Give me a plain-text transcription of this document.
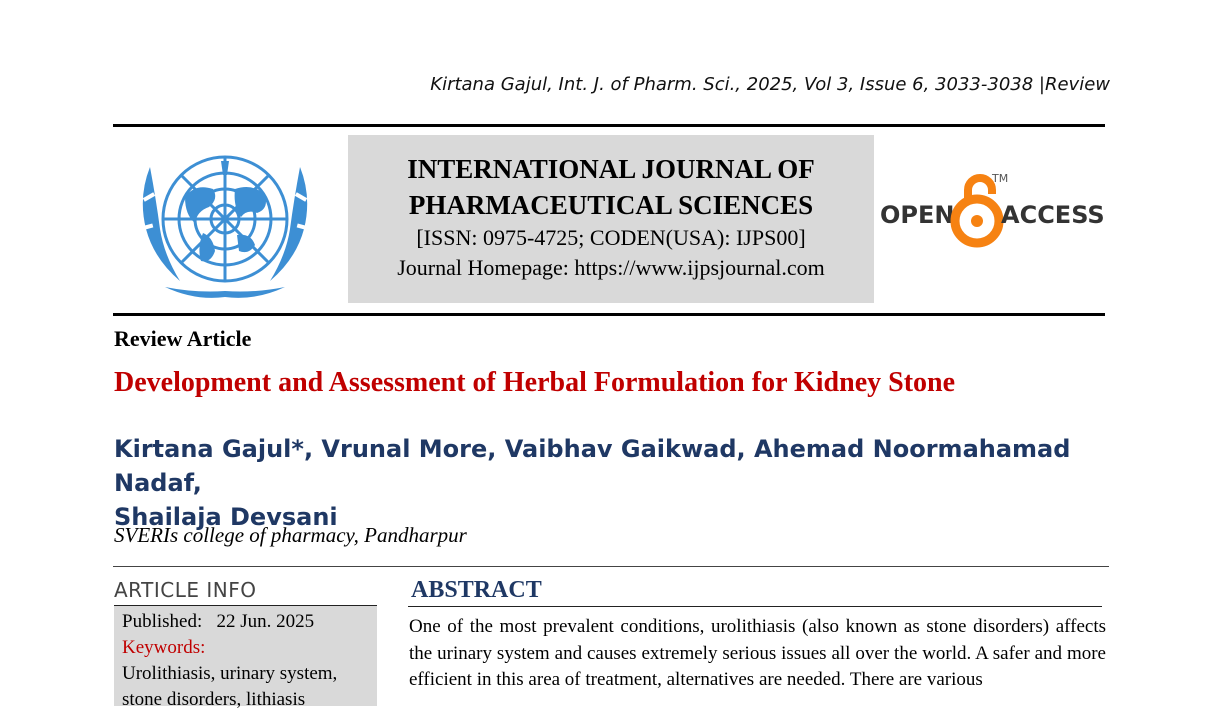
Kirtana Gajul, Int. J. of Pharm. Sci., 2025, Vol 3, Issue 6, 3033-3038 |Review
INTERNATIONAL JOURNAL OF
PHARMACEUTICAL SCIENCES
[ISSN: 0975-4725; CODEN(USA): IJPS00]
Journal Homepage: https://www.ijpsjournal.com
OPEN ACCESS
TM
Review Article
Development and Assessment of Herbal Formulation for Kidney Stone
Kirtana Gajul*, Vrunal More, Vaibhav Gaikwad, Ahemad Noormahamad Nadaf,
Shailaja Devsani
SVERIs college of pharmacy, Pandharpur
ARTICLE INFO
Published: 22 Jun. 2025
Keywords:
Urolithiasis, urinary system,
stone disorders, lithiasis
ABSTRACT
One of the most prevalent conditions, urolithiasis (also known as stone disorders) affects the urinary system and causes extremely serious issues all over the world. A safer and more efficient in this area of treatment, alternatives are needed. There are various
